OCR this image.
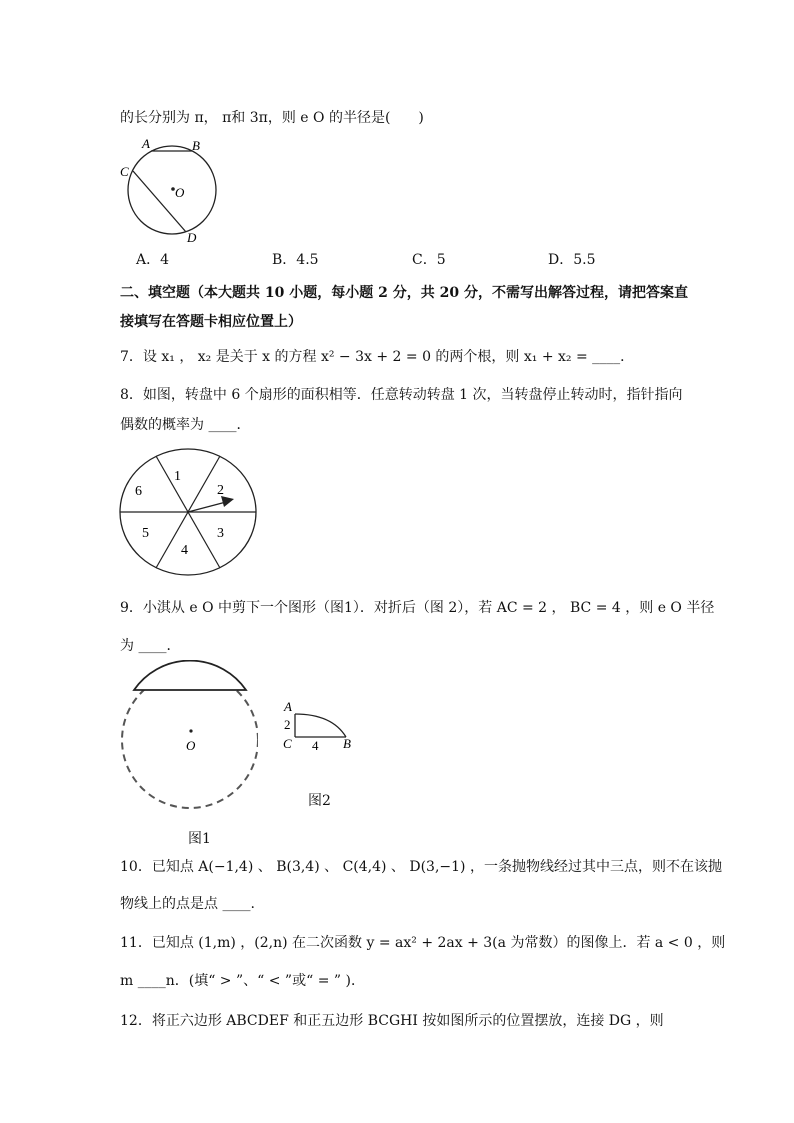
的长分别为 π， π和 3π，则 e O 的半径是(　　)
A	B
C
D
O
A．4	B．4.5	C．5	D．5.5
二、填空题（本大题共 10 小题，每小题 2 分，共 20 分，不需写出解答过程，请把答案直
接填写在答题卡相应位置上）
7．设 x₁ ， x₂ 是关于 x 的方程 x² − 3x + 2 = 0 的两个根，则 x₁ + x₂ = ____．
8．如图，转盘中 6 个扇形的面积相等．任意转动转盘 1 次，当转盘停止转动时，指针指向
偶数的概率为 ____．
1
2
3
4
5
6
9．小淇从 e O 中剪下一个图形（图1）．对折后（图 2），若 AC = 2 ， BC = 4 ，则 e O 半径
为 ____．
O
图1
A
2
C 4 B
图2
10．已知点 A(−1,4) 、 B(3,4) 、 C(4,4) 、 D(3,−1) ，一条抛物线经过其中三点，则不在该抛
物线上的点是点 ____.
11．已知点 (1,m) ，(2,n) 在二次函数 y = ax² + 2ax + 3(a 为常数）的图像上．若 a < 0 ，则
m ____n．(填“ > ”、“ < ”或“ = ” )．
12．将正六边形 ABCDEF 和正五边形 BCGHI 按如图所示的位置摆放，连接 DG ，则
